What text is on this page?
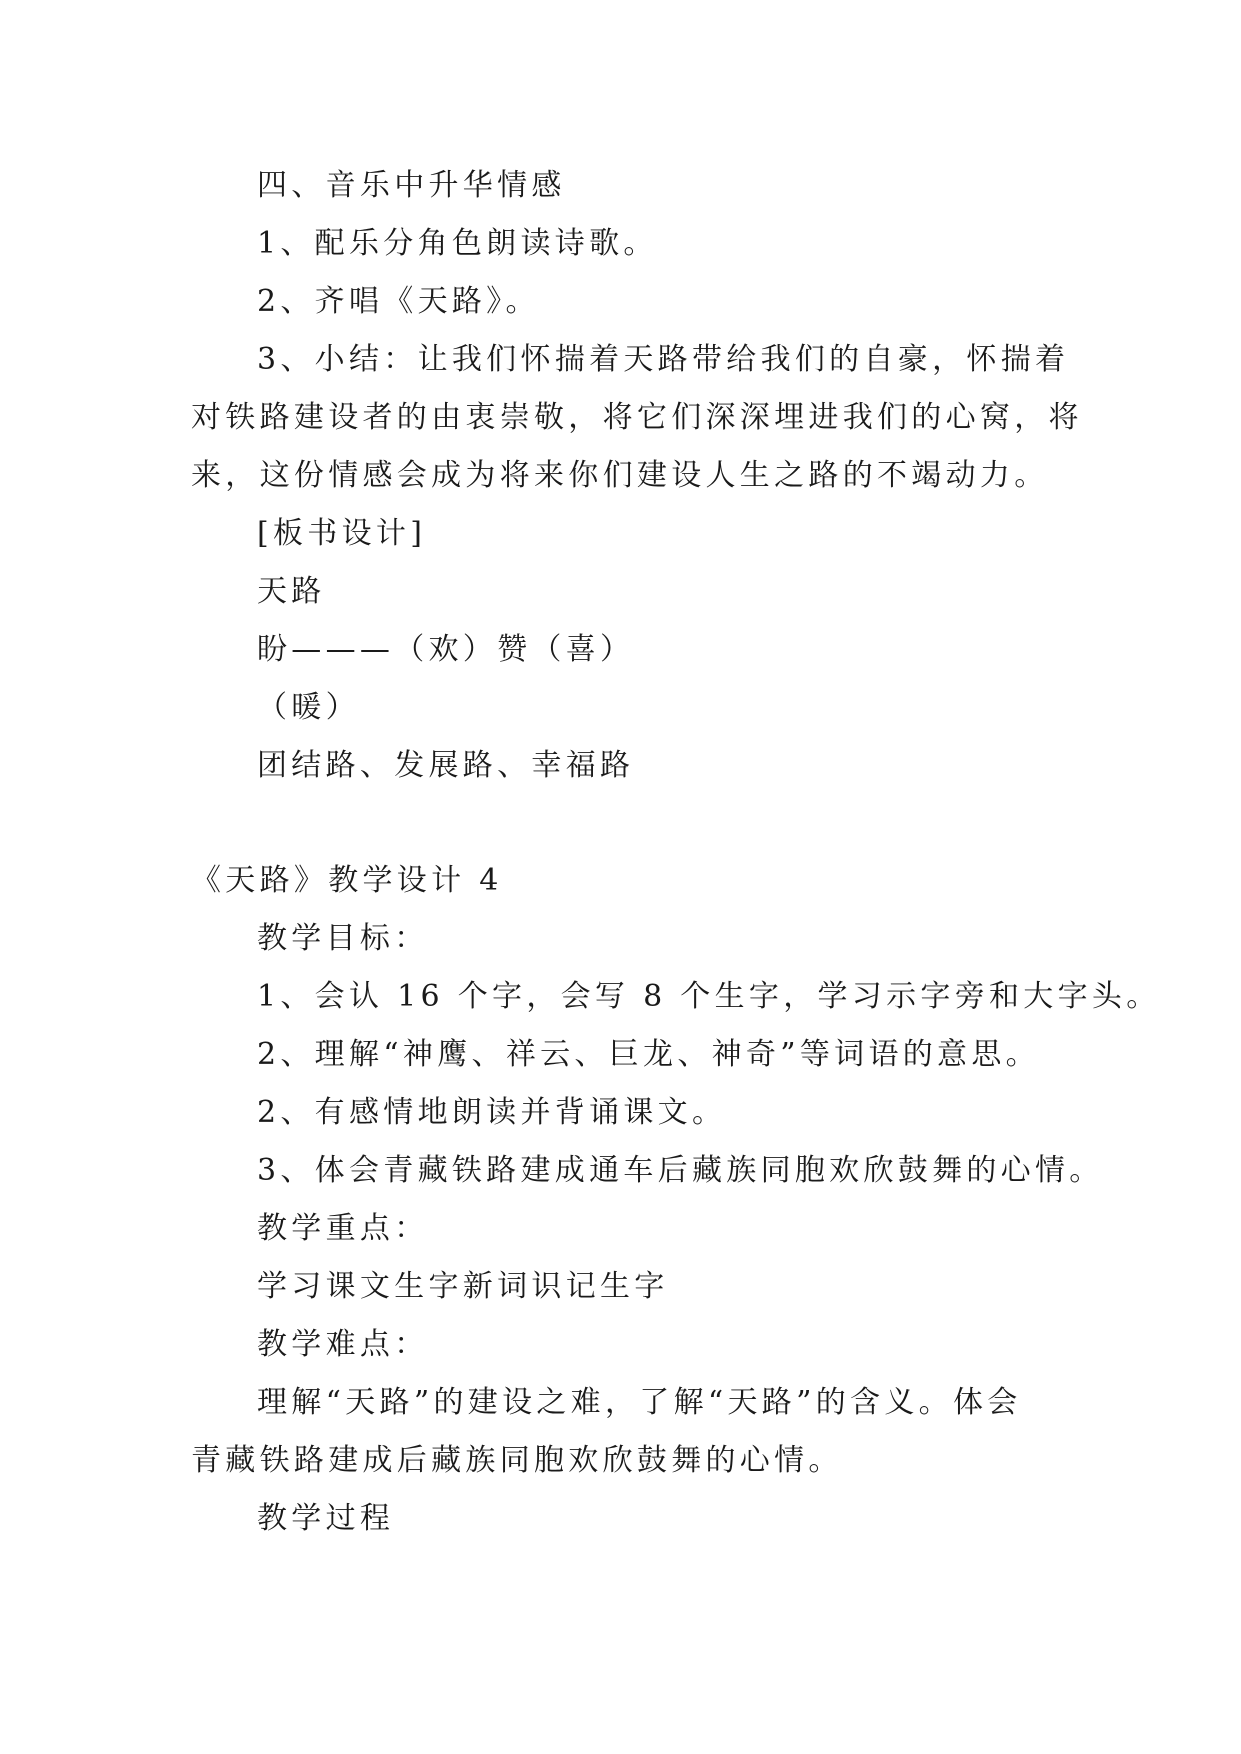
四、音乐中升华情感
1、配乐分角色朗读诗歌。
2、齐唱《天路》。
3、小结：让我们怀揣着天路带给我们的自豪，怀揣着
对铁路建设者的由衷崇敬，将它们深深埋进我们的心窝，将
来，这份情感会成为将来你们建设人生之路的不竭动力。
[板书设计]
天路
盼———（欢）赞（喜）
（暖）
团结路、发展路、幸福路
《天路》教学设计 4
教学目标：
1、会认 16 个字，会写 8 个生字，学习示字旁和大字头。
2、理解“神鹰、祥云、巨龙、神奇”等词语的意思。
2、有感情地朗读并背诵课文。
3、体会青藏铁路建成通车后藏族同胞欢欣鼓舞的心情。
教学重点：
学习课文生字新词识记生字
教学难点：
理解“天路”的建设之难，了解“天路”的含义。体会
青藏铁路建成后藏族同胞欢欣鼓舞的心情。
教学过程
